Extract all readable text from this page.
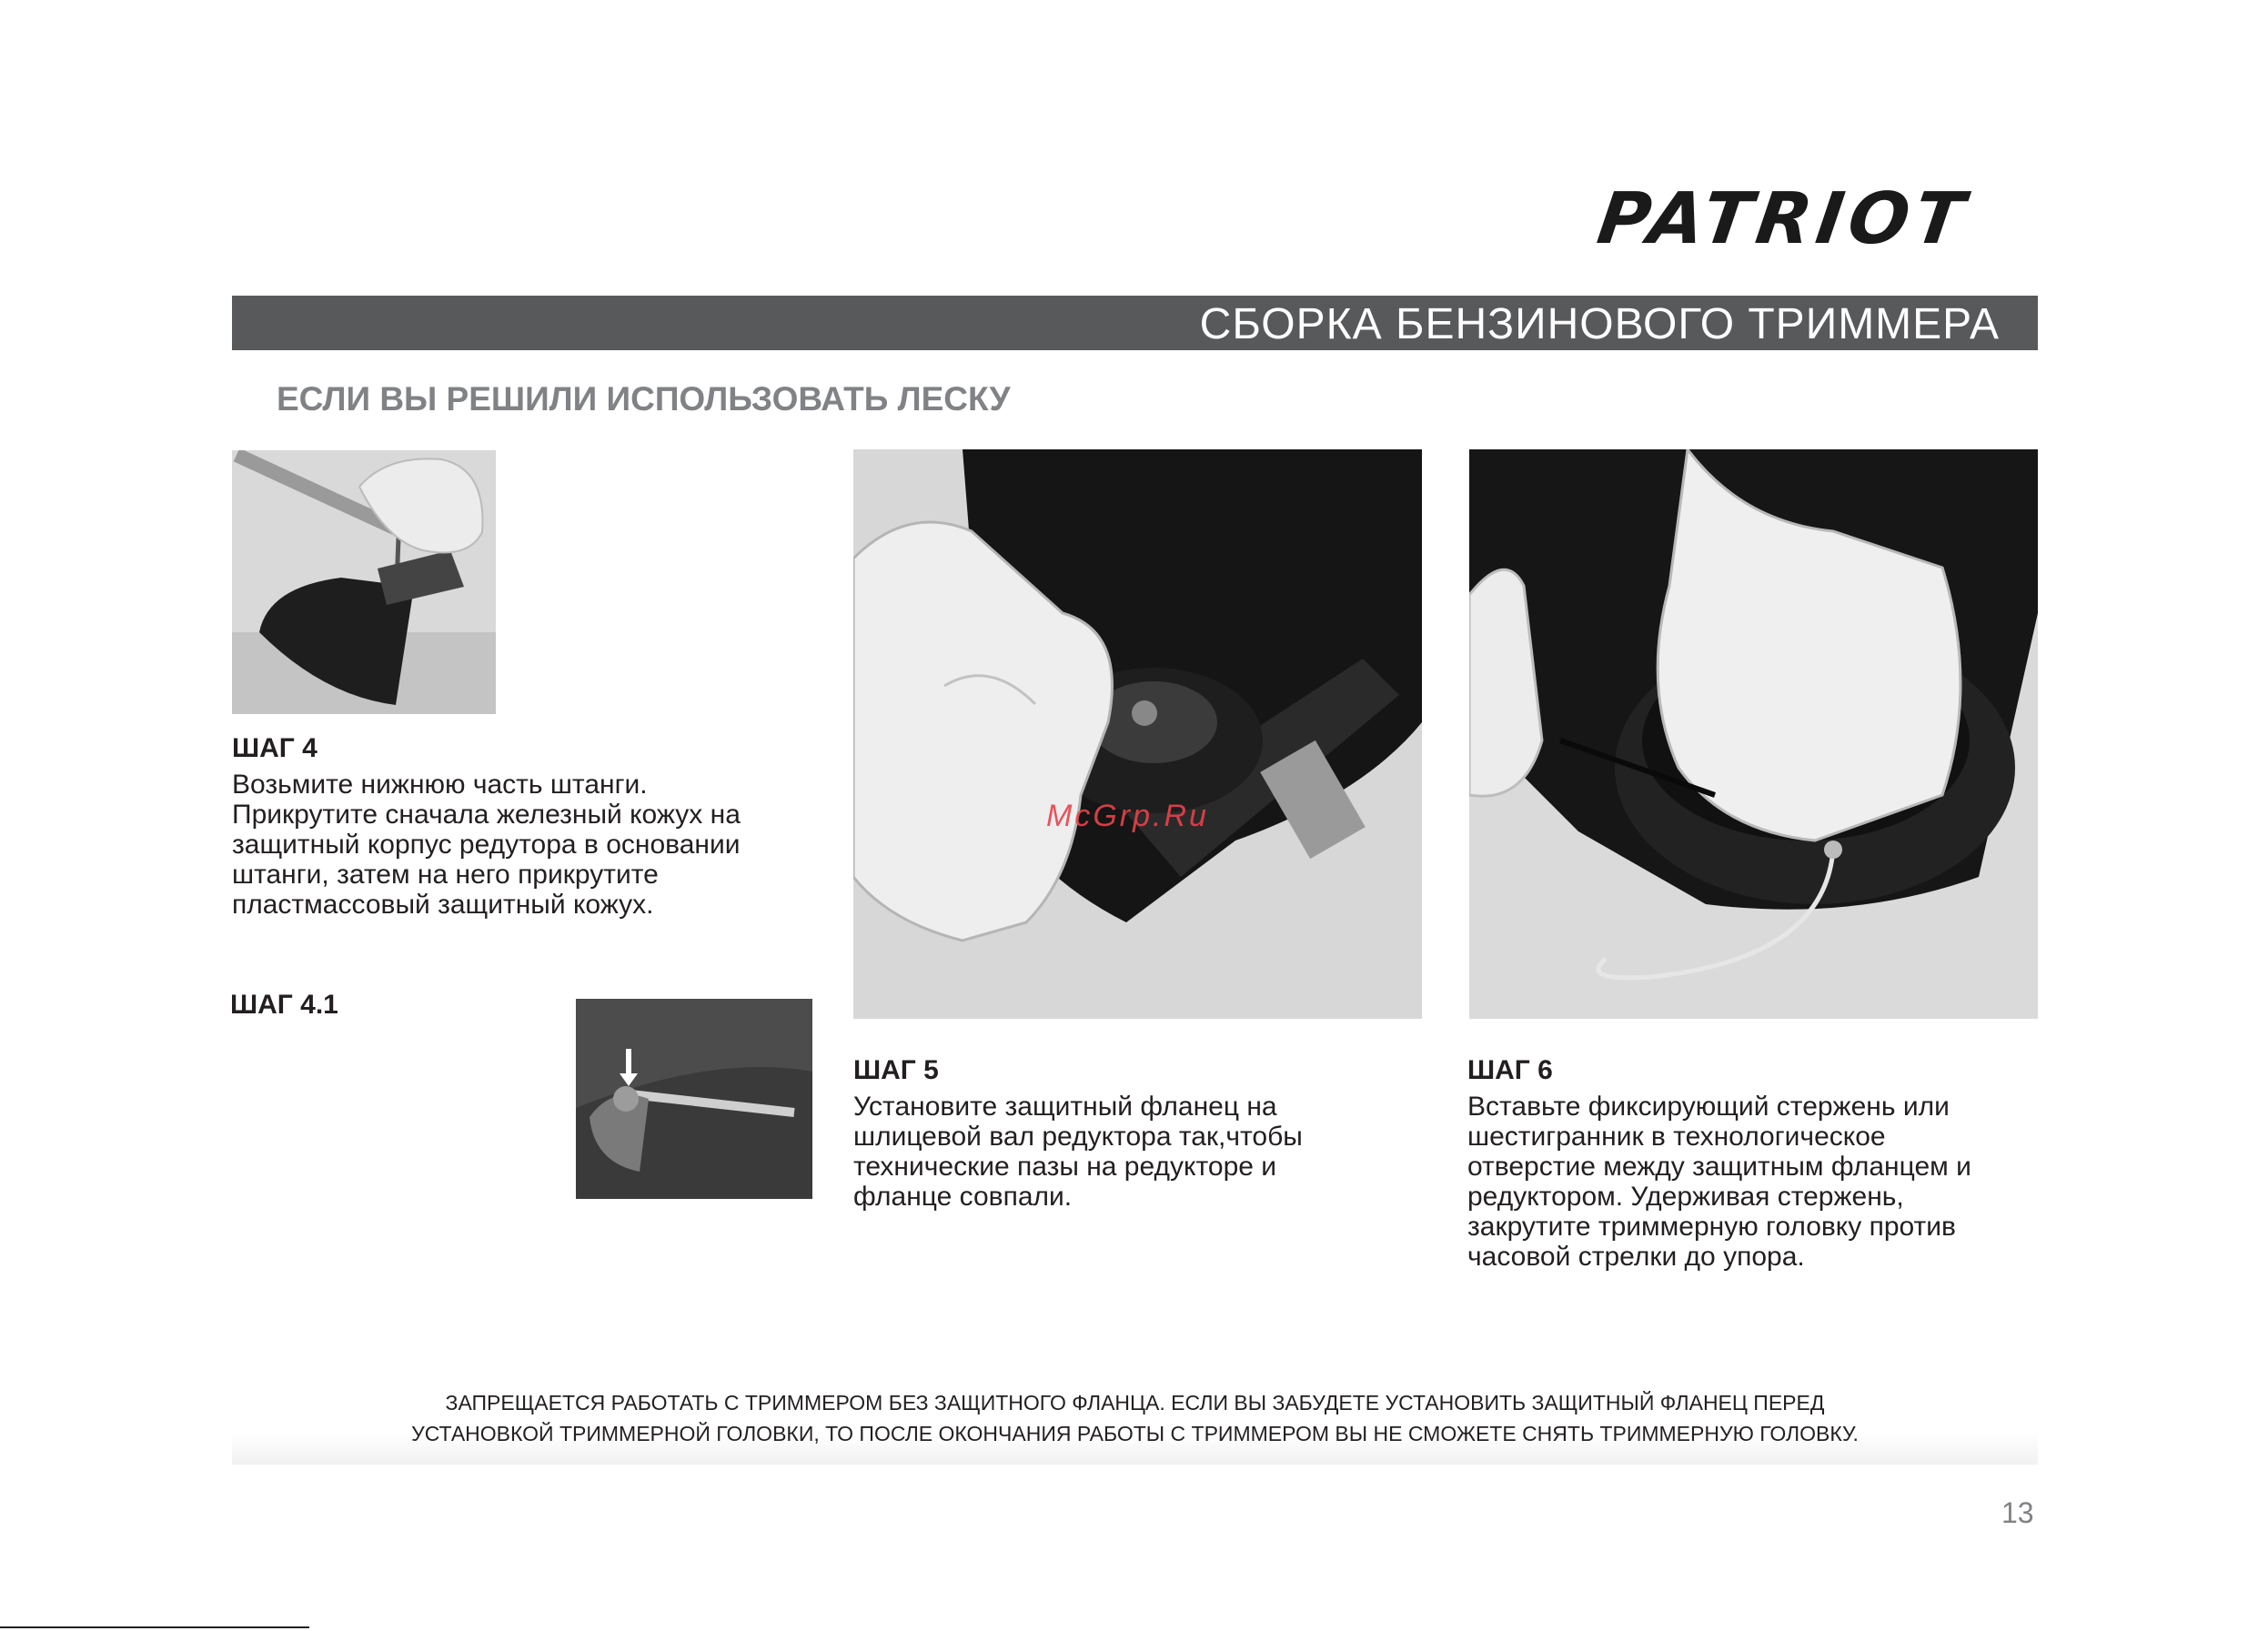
PATRIOT
СБОРКА БЕНЗИНОВОГО ТРИММЕРА
ЕСЛИ ВЫ РЕШИЛИ ИСПОЛЬЗОВАТЬ ЛЕСКУ
ШАГ 4
Возьмите нижнюю часть штанги.
Прикрутите сначала железный кожух на
защитный корпус редутора в основании
штанги, затем на него прикрутите
пластмассовый защитный кожух.
ШАГ 4.1
ШАГ 5
Установите защитный фланец на
шлицевой вал редуктора так,чтобы
технические пазы на редукторе и
фланце совпали.
ШАГ 6
Вставьте фиксирующий стержень или
шестигранник в технологическое
отверстие между защитным фланцем и
редуктором. Удерживая стержень,
закрутите триммерную головку против
часовой стрелки до упора.
McGrp.Ru
ЗАПРЕЩАЕТСЯ РАБОТАТЬ С ТРИММЕРОМ БЕЗ ЗАЩИТНОГО ФЛАНЦА. ЕСЛИ ВЫ ЗАБУДЕТЕ УСТАНОВИТЬ ЗАЩИТНЫЙ ФЛАНЕЦ ПЕРЕД
УСТАНОВКОЙ ТРИММЕРНОЙ ГОЛОВКИ, ТО ПОСЛЕ ОКОНЧАНИЯ РАБОТЫ С ТРИММЕРОМ ВЫ НЕ СМОЖЕТЕ СНЯТЬ ТРИММЕРНУЮ ГОЛОВКУ.
13
